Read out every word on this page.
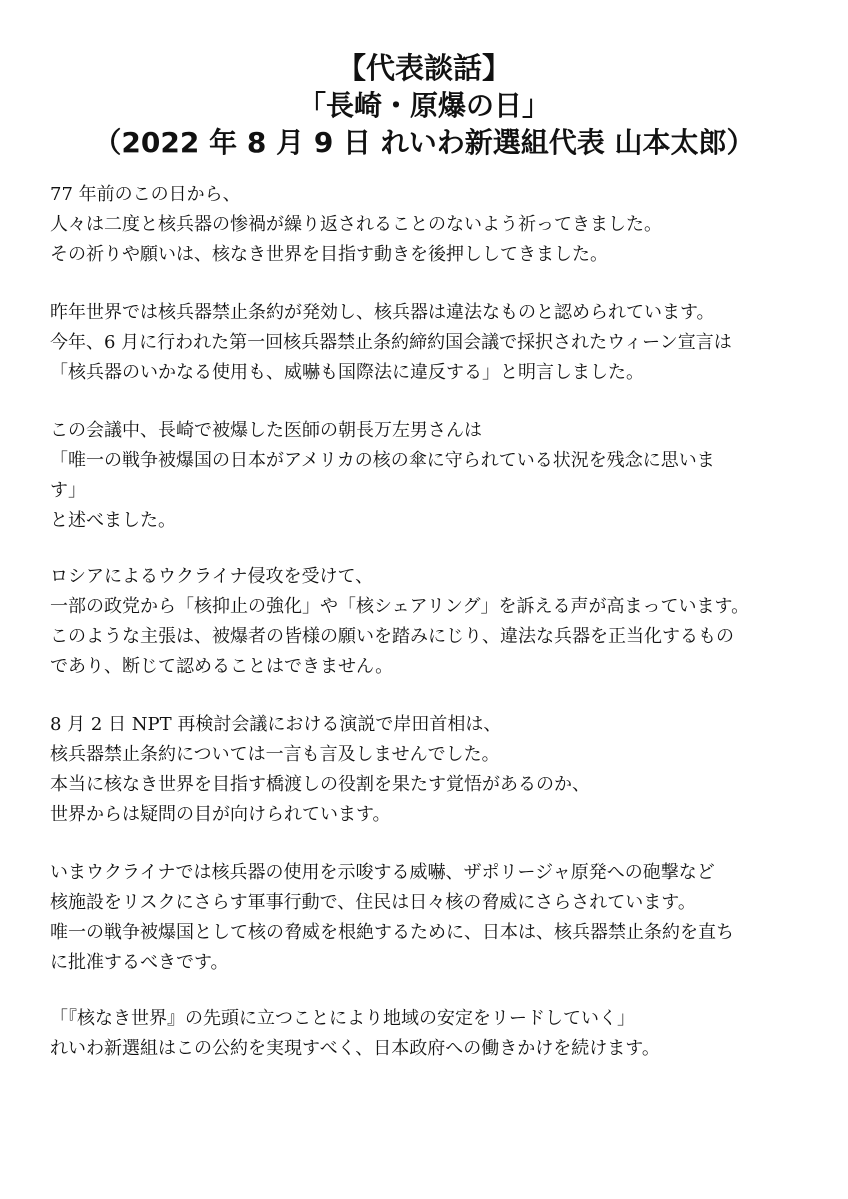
【代表談話】
「長崎・原爆の日」
（2022 年 8 月 9 日 れいわ新選組代表 山本太郎）
77 年前のこの日から、
人々は二度と核兵器の惨禍が繰り返されることのないよう祈ってきました。
その祈りや願いは、核なき世界を目指す動きを後押ししてきました。
昨年世界では核兵器禁止条約が発効し、核兵器は違法なものと認められています。
今年、6 月に行われた第一回核兵器禁止条約締約国会議で採択されたウィーン宣言は
「核兵器のいかなる使用も、威嚇も国際法に違反する」と明言しました。
この会議中、長崎で被爆した医師の朝長万左男さんは
「唯一の戦争被爆国の日本がアメリカの核の傘に守られている状況を残念に思いま
す」
と述べました。
ロシアによるウクライナ侵攻を受けて、
一部の政党から「核抑止の強化」や「核シェアリング」を訴える声が高まっています。
このような主張は、被爆者の皆様の願いを踏みにじり、違法な兵器を正当化するもの
であり、断じて認めることはできません。
8 月 2 日 NPT 再検討会議における演説で岸田首相は、
核兵器禁止条約については一言も言及しませんでした。
本当に核なき世界を目指す橋渡しの役割を果たす覚悟があるのか、
世界からは疑問の目が向けられています。
いまウクライナでは核兵器の使用を示唆する威嚇、ザポリージャ原発への砲撃など
核施設をリスクにさらす軍事行動で、住民は日々核の脅威にさらされています。
唯一の戦争被爆国として核の脅威を根絶するために、日本は、核兵器禁止条約を直ち
に批准するべきです。
「『核なき世界』の先頭に立つことにより地域の安定をリードしていく」
れいわ新選組はこの公約を実現すべく、日本政府への働きかけを続けます。
